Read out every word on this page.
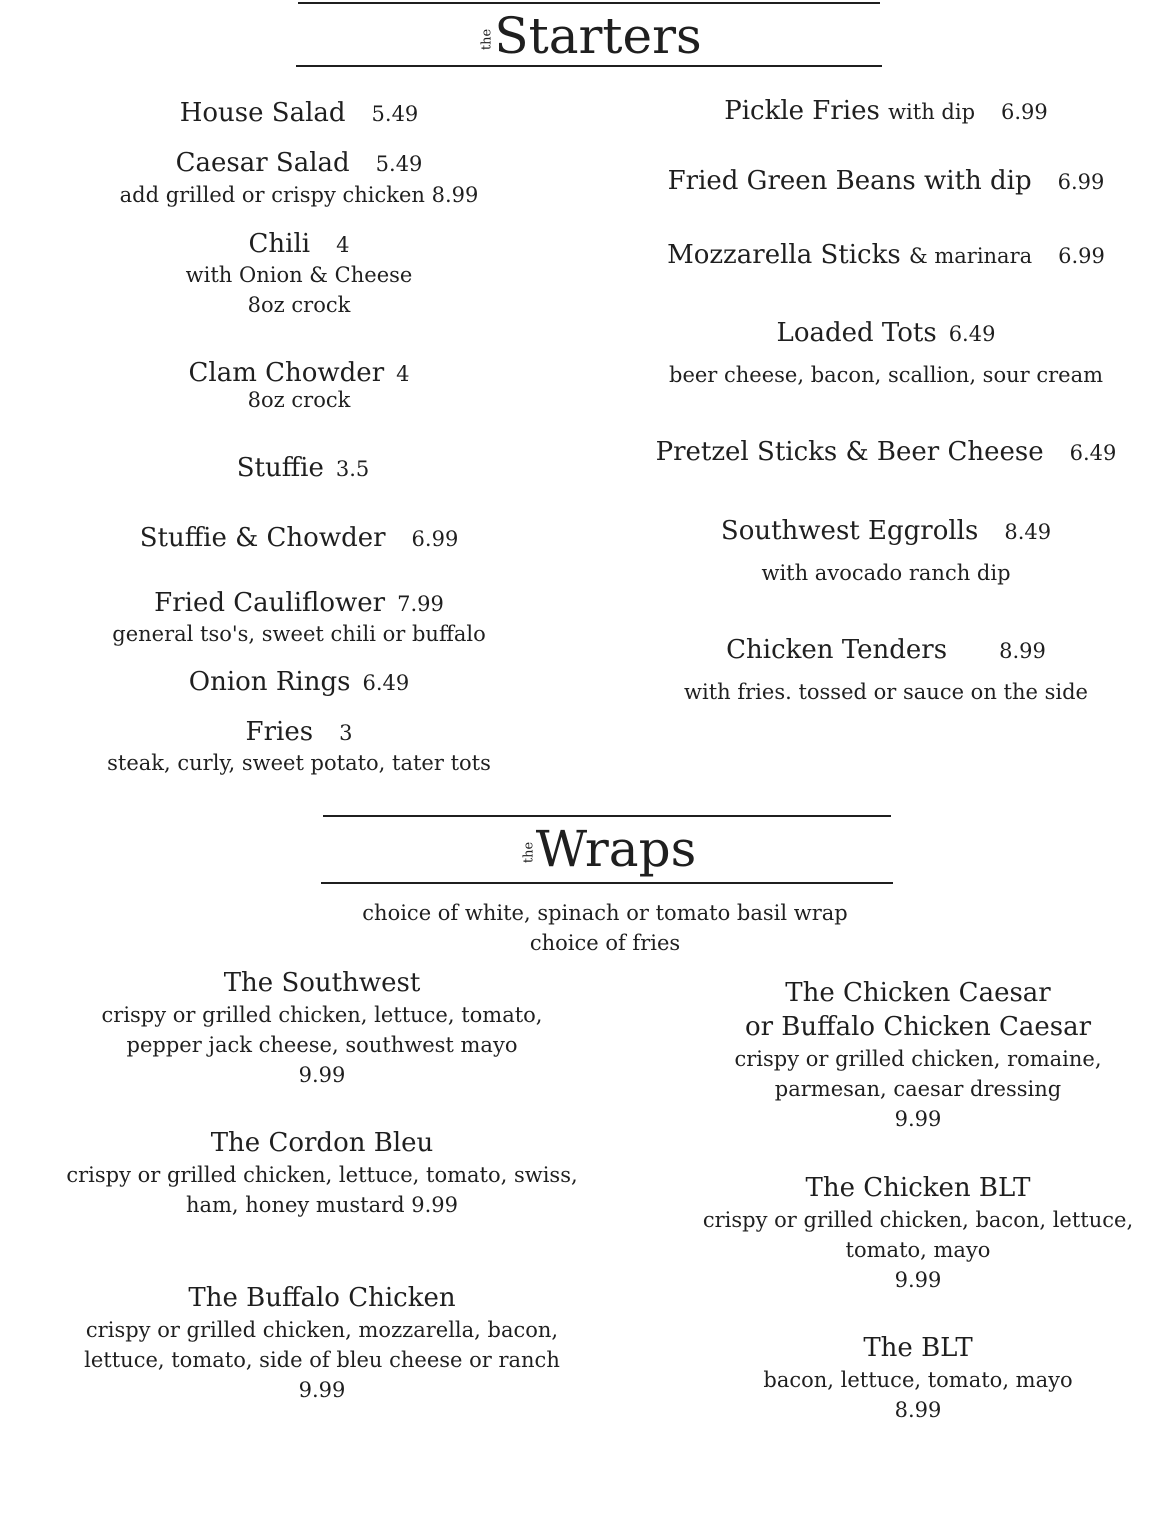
theStarters
House Salad 5.49
Caesar Salad 5.49
add grilled or crispy chicken 8.99
Chili 4
with Onion & Cheese
8oz crock
Clam Chowder 4
8oz crock
Stuffie 3.5
Stuffie & Chowder 6.99
Fried Cauliflower 7.99
general tso's, sweet chili or buffalo
Onion Rings 6.49
Fries 3
steak, curly, sweet potato, tater tots
Pickle Fries with dip 6.99
Fried Green Beans with dip 6.99
Mozzarella Sticks & marinara 6.99
Loaded Tots 6.49
beer cheese, bacon, scallion, sour cream
Pretzel Sticks & Beer Cheese 6.49
Southwest Eggrolls 8.49
with avocado ranch dip
Chicken Tenders 8.99
with fries. tossed or sauce on the side
theWraps
choice of white, spinach or tomato basil wrap
choice of fries
The Southwest
crispy or grilled chicken, lettuce, tomato,
pepper jack cheese, southwest mayo
9.99
The Cordon Bleu
crispy or grilled chicken, lettuce, tomato, swiss,
ham, honey mustard 9.99
The Buffalo Chicken
crispy or grilled chicken, mozzarella, bacon,
lettuce, tomato, side of bleu cheese or ranch
9.99
The Chicken Caesar
or Buffalo Chicken Caesar
crispy or grilled chicken, romaine,
parmesan, caesar dressing
9.99
The Chicken BLT
crispy or grilled chicken, bacon, lettuce,
tomato, mayo
9.99
The BLT
bacon, lettuce, tomato, mayo
8.99
